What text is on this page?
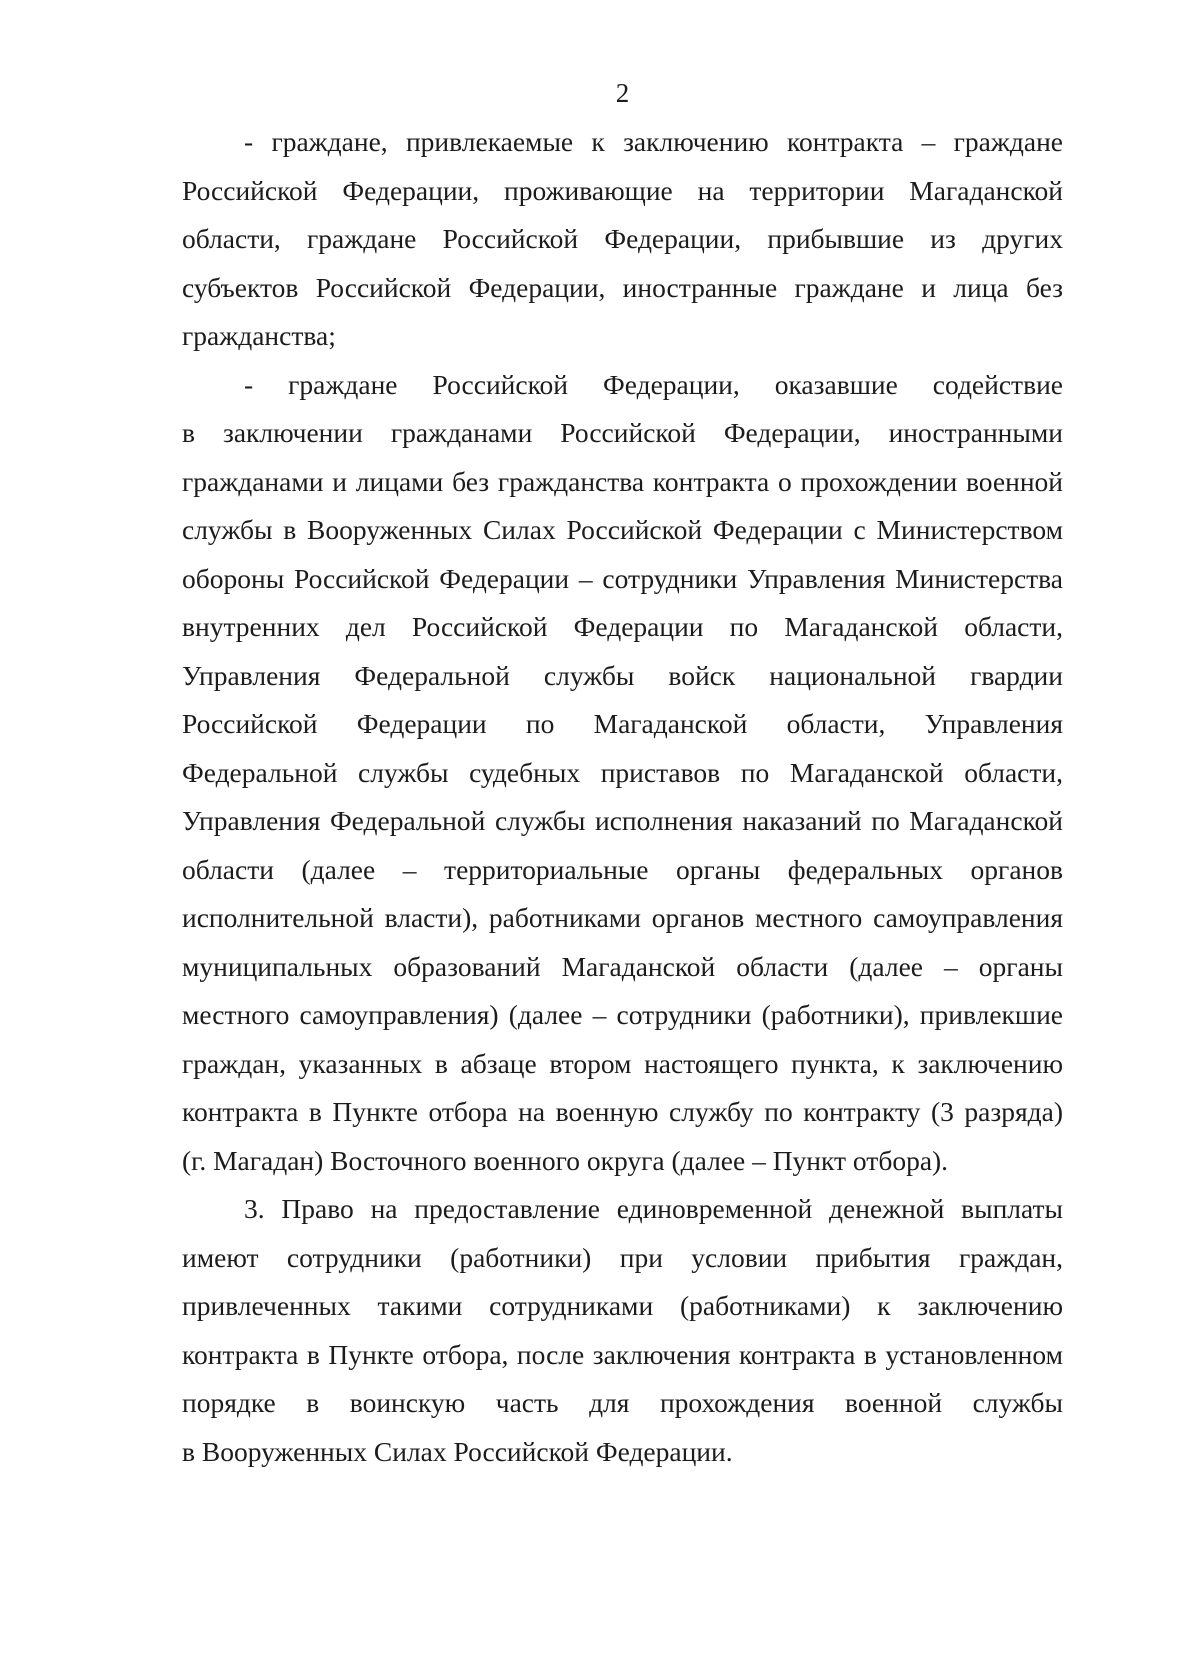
2
- граждане, привлекаемые к заключению контракта – граждане
Российской Федерации, проживающие на территории Магаданской
области, граждане Российской Федерации, прибывшие из других
субъектов Российской Федерации, иностранные граждане и лица без
гражданства;
- граждане Российской Федерации, оказавшие содействие
в заключении гражданами Российской Федерации, иностранными
гражданами и лицами без гражданства контракта о прохождении военной
службы в Вооруженных Силах Российской Федерации с Министерством
обороны Российской Федерации – сотрудники Управления Министерства
внутренних дел Российской Федерации по Магаданской области,
Управления Федеральной службы войск национальной гвардии
Российской Федерации по Магаданской области, Управления
Федеральной службы судебных приставов по Магаданской области,
Управления Федеральной службы исполнения наказаний по Магаданской
области (далее – территориальные органы федеральных органов
исполнительной власти), работниками органов местного самоуправления
муниципальных образований Магаданской области (далее – органы
местного самоуправления) (далее – сотрудники (работники), привлекшие
граждан, указанных в абзаце втором настоящего пункта, к заключению
контракта в Пункте отбора на военную службу по контракту (3 разряда)
(г. Магадан) Восточного военного округа (далее – Пункт отбора).
3. Право на предоставление единовременной денежной выплаты
имеют сотрудники (работники) при условии прибытия граждан,
привлеченных такими сотрудниками (работниками) к заключению
контракта в Пункте отбора, после заключения контракта в установленном
порядке в воинскую часть для прохождения военной службы
в Вооруженных Силах Российской Федерации.
